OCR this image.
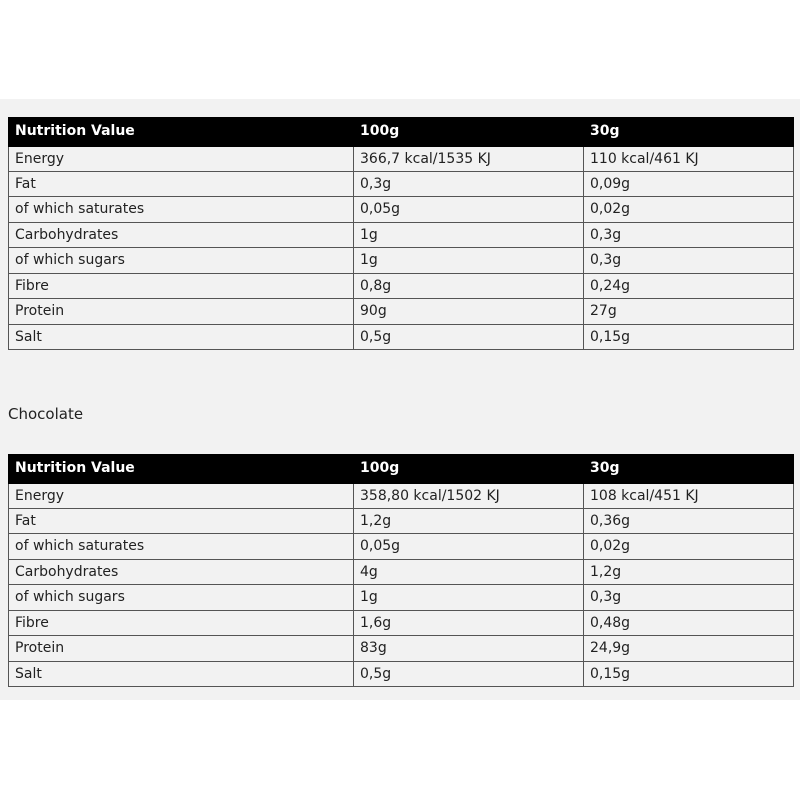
Nutrition Value	100g	30g
Energy	366,7 kcal/1535 KJ	110 kcal/461 KJ
Fat	0,3g	0,09g
of which saturates	0,05g	0,02g
Carbohydrates	1g	0,3g
of which sugars	1g	0,3g
Fibre	0,8g	0,24g
Protein	90g	27g
Salt	0,5g	0,15g
Chocolate
Nutrition Value	100g	30g
Energy	358,80 kcal/1502 KJ	108 kcal/451 KJ
Fat	1,2g	0,36g
of which saturates	0,05g	0,02g
Carbohydrates	4g	1,2g
of which sugars	1g	0,3g
Fibre	1,6g	0,48g
Protein	83g	24,9g
Salt	0,5g	0,15g
